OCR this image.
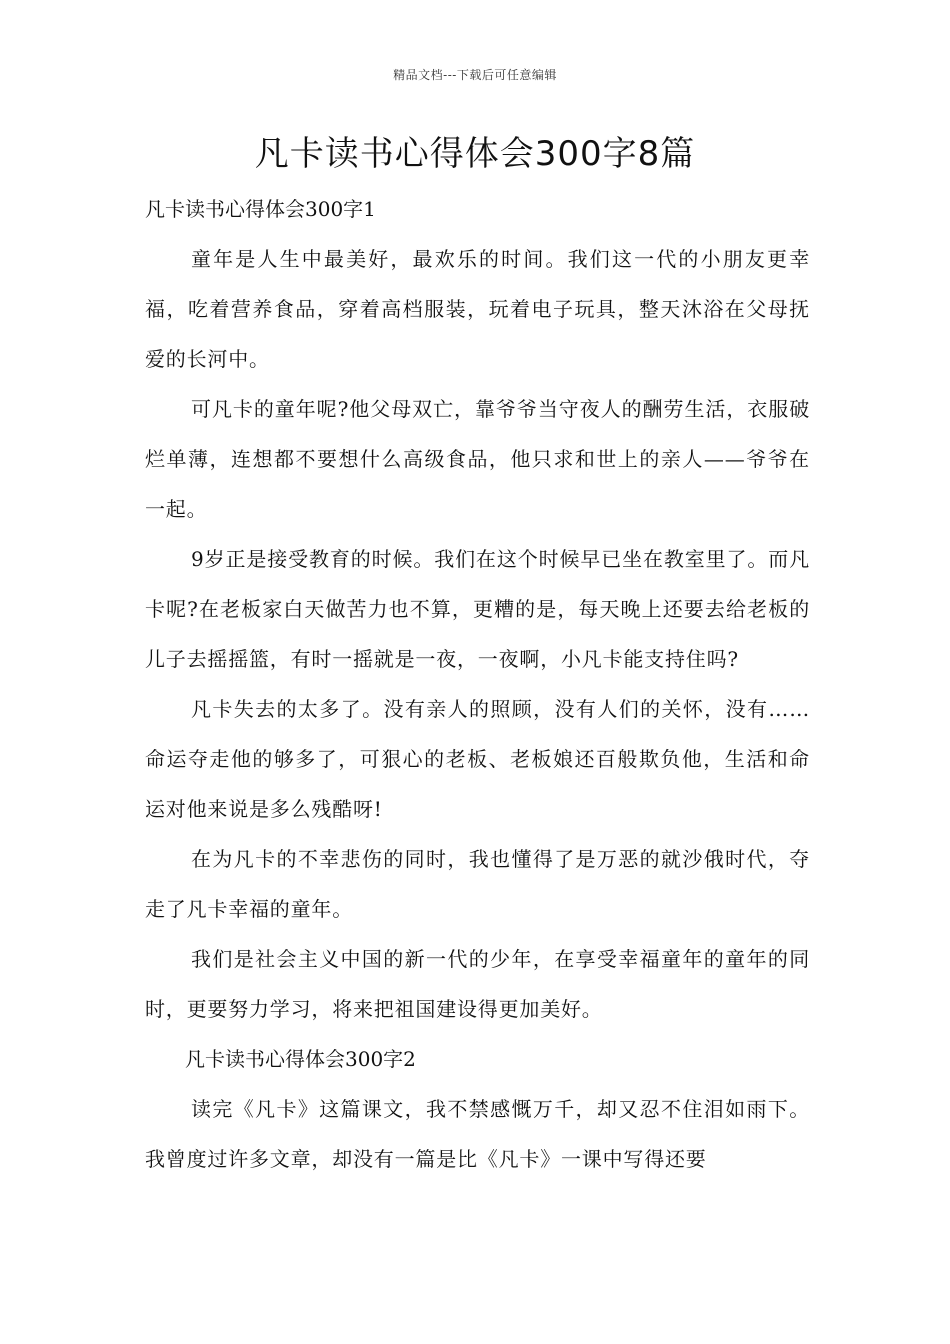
精品文档---下载后可任意编辑
凡卡读书心得体会300字8篇

凡卡读书心得体会300字1

童年是人生中最美好，最欢乐的时间。我们这一代的小朋友更幸福，吃着营养食品，穿着高档服装，玩着电子玩具，整天沐浴在父母抚爱的长河中。

可凡卡的童年呢?他父母双亡，靠爷爷当守夜人的酬劳生活，衣服破烂单薄，连想都不要想什么高级食品，他只求和世上的亲人——爷爷在一起。

9岁正是接受教育的时候。我们在这个时候早已坐在教室里了。而凡卡呢?在老板家白天做苦力也不算，更糟的是，每天晚上还要去给老板的儿子去摇摇篮，有时一摇就是一夜，一夜啊，小凡卡能支持住吗?

凡卡失去的太多了。没有亲人的照顾，没有人们的关怀，没有……命运夺走他的够多了，可狠心的老板、老板娘还百般欺负他，生活和命运对他来说是多么残酷呀!

在为凡卡的不幸悲伤的同时，我也懂得了是万恶的就沙俄时代，夺走了凡卡幸福的童年。

我们是社会主义中国的新一代的少年，在享受幸福童年的童年的同时，更要努力学习，将来把祖国建设得更加美好。

凡卡读书心得体会300字2

读完《凡卡》这篇课文，我不禁感慨万千，却又忍不住泪如雨下。我曾度过许多文章，却没有一篇是比《凡卡》一课中写得还要
